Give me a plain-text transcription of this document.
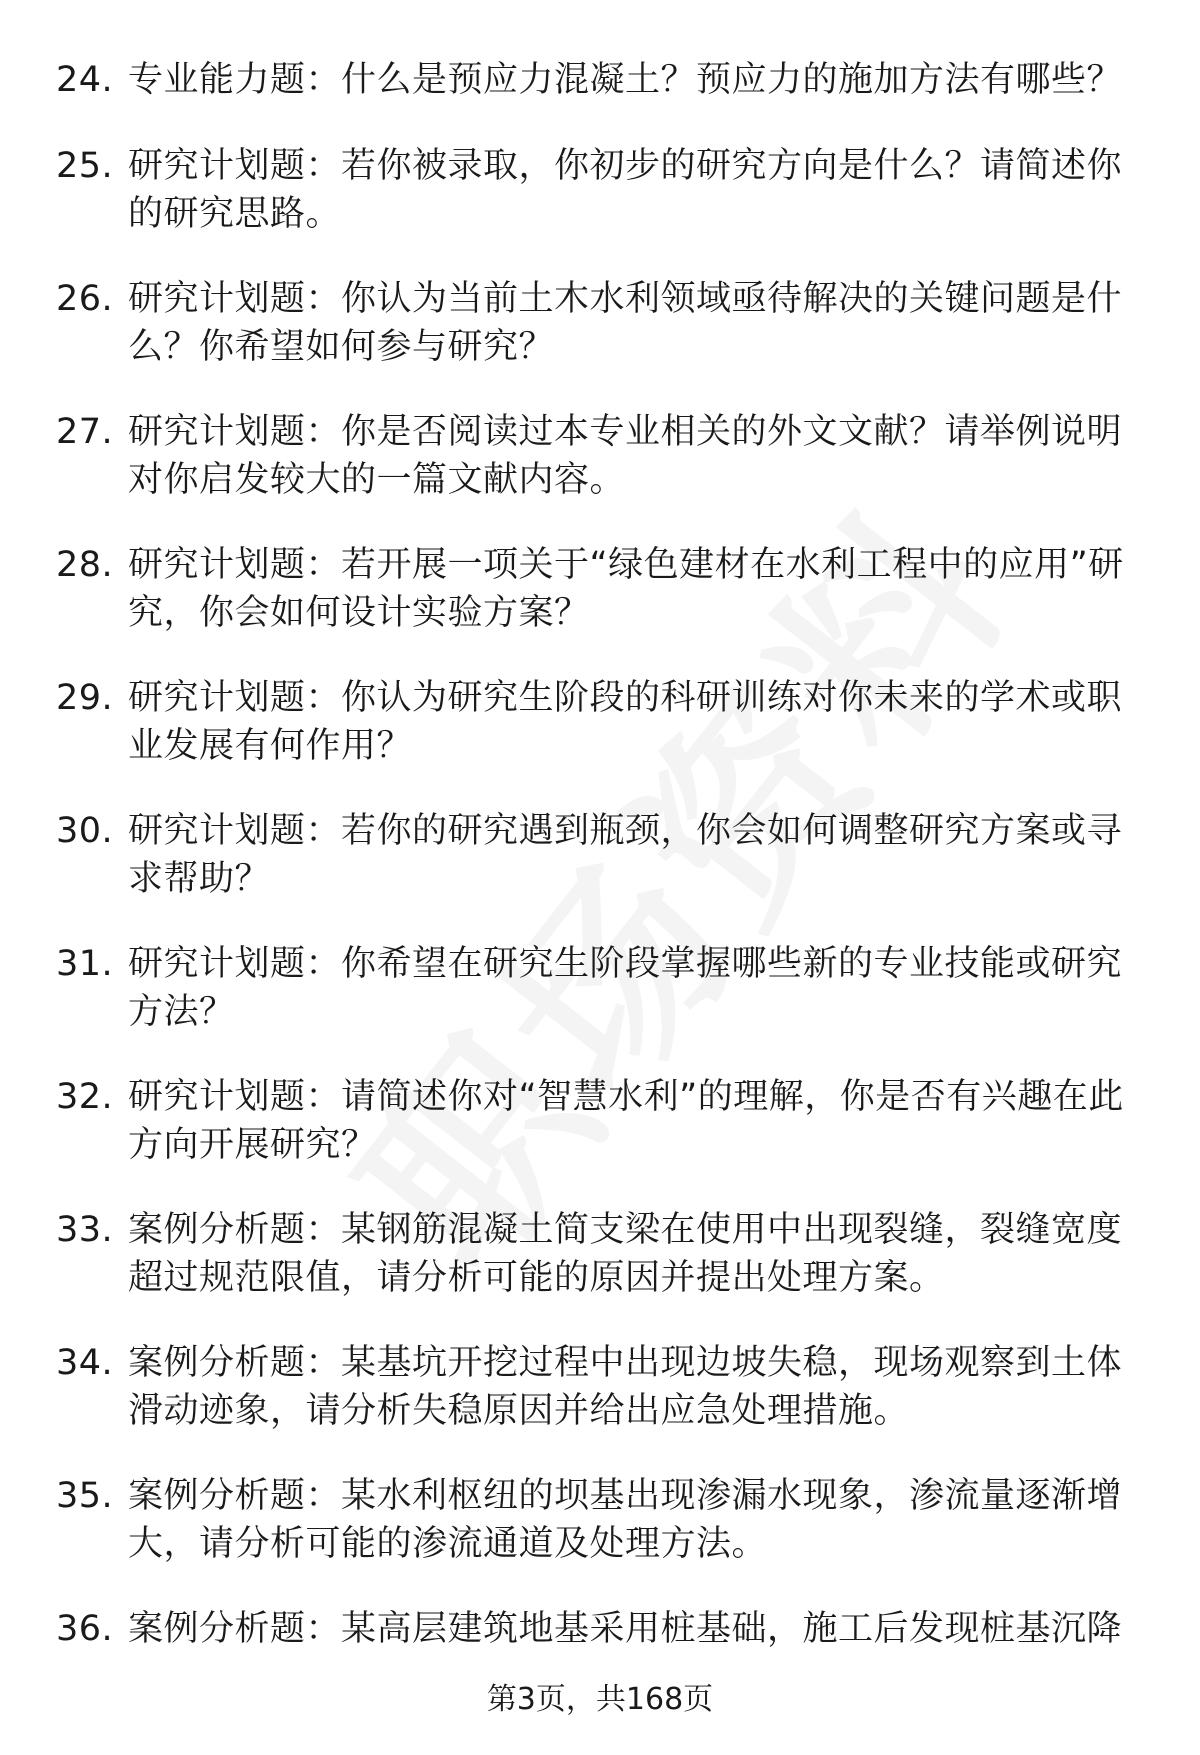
24. 专业能力题：什么是预应力混凝土？预应力的施加方法有哪些？
25. 研究计划题：若你被录取，你初步的研究方向是什么？请简述你的研究思路。
26. 研究计划题：你认为当前土木水利领域亟待解决的关键问题是什么？你希望如何参与研究？
27. 研究计划题：你是否阅读过本专业相关的外文文献？请举例说明对你启发较大的一篇文献内容。
28. 研究计划题：若开展一项关于“绿色建材在水利工程中的应用”研究，你会如何设计实验方案？
29. 研究计划题：你认为研究生阶段的科研训练对你未来的学术或职业发展有何作用？
30. 研究计划题：若你的研究遇到瓶颈，你会如何调整研究方案或寻求帮助？
31. 研究计划题：你希望在研究生阶段掌握哪些新的专业技能或研究方法？
32. 研究计划题：请简述你对“智慧水利”的理解，你是否有兴趣在此方向开展研究？
33. 案例分析题：某钢筋混凝土简支梁在使用中出现裂缝，裂缝宽度超过规范限值，请分析可能的原因并提出处理方案。
34. 案例分析题：某基坑开挖过程中出现边坡失稳，现场观察到土体滑动迹象，请分析失稳原因并给出应急处理措施。
35. 案例分析题：某水利枢纽的坝基出现渗漏水现象，渗流量逐渐增大，请分析可能的渗流通道及处理方法。
36. 案例分析题：某高层建筑地基采用桩基础，施工后发现桩基沉降
第3页，共168页
